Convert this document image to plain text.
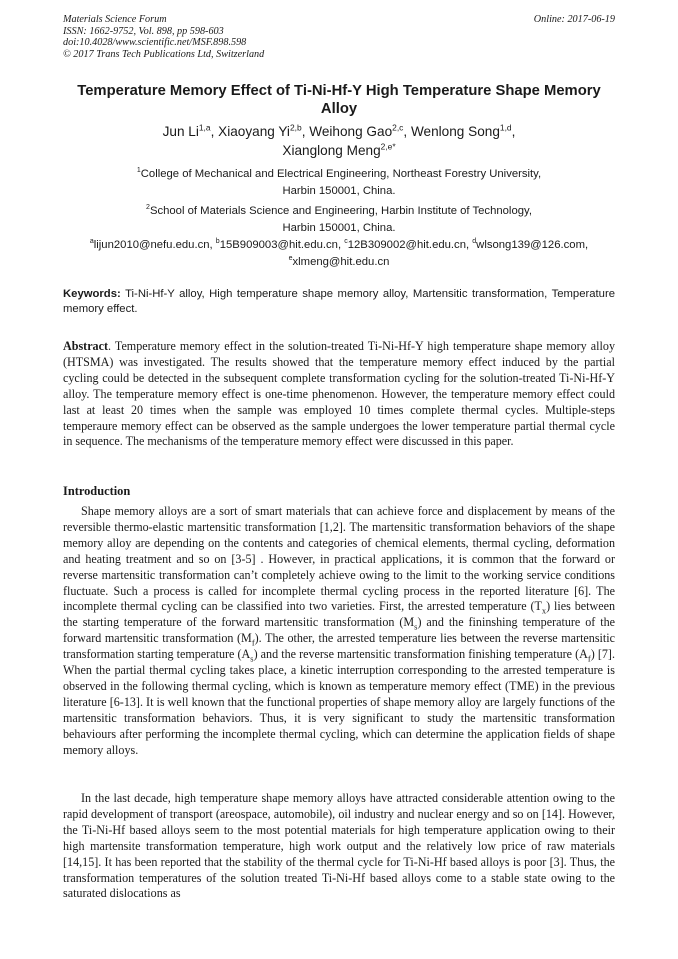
Materials Science Forum
ISSN: 1662-9752, Vol. 898, pp 598-603
doi:10.4028/www.scientific.net/MSF.898.598
© 2017 Trans Tech Publications Ltd, Switzerland
Online: 2017-06-19
Temperature Memory Effect of Ti-Ni-Hf-Y High Temperature Shape Memory Alloy
Jun Li$^{1,a}$, Xiaoyang Yi$^{2,b}$, Weihong Gao$^{2,c}$, Wenlong Song$^{1,d}$,
Xianglong Meng$^{2,e*}$
$^1$College of Mechanical and Electrical Engineering, Northeast Forestry University,
Harbin 150001, China.
$^2$School of Materials Science and Engineering, Harbin Institute of Technology,
Harbin 150001, China.
$^a$lijun2010@nefu.edu.cn, $^b$15B909003@hit.edu.cn, $^c$12B309002@hit.edu.cn, $^d$wlsong139@126.com,
$^e$xlmeng@hit.edu.cn
Keywords: Ti-Ni-Hf-Y alloy, High temperature shape memory alloy, Martensitic transformation, Temperature memory effect.
Abstract. Temperature memory effect in the solution-treated Ti-Ni-Hf-Y high temperature shape memory alloy (HTSMA) was investigated. The results showed that the temperature memory effect induced by the partial cycling could be detected in the subsequent complete transformation cycling for the solution-treated Ti-Ni-Hf-Y alloy. The temperature memory effect is one-time phenomenon. However, the temperature memory effect could last at least 20 times when the sample was employed 10 times complete thermal cycles. Multiple-steps temperaure memory effect can be observed as the sample undergoes the lower temperature partial thermal cycle in sequence. The mechanisms of the temperature memory effect were discussed in this paper.
Introduction
Shape memory alloys are a sort of smart materials that can achieve force and displacement by means of the reversible thermo-elastic martensitic transformation [1,2]. The martensitic transformation behaviors of the shape memory alloy are depending on the contents and categories of chemical elements, thermal cycling, deformation and heating treatment and so on [3-5] . However, in practical applications, it is common that the forward or reverse martensitic transformation can’t completely achieve owing to the limit to the working service conditions fluctuate. Such a process is called for incomplete thermal cycling process in the reported literature [6]. The incomplete thermal cycling can be classified into two varieties. First, the arrested temperature $(T_x)$ lies between the starting temperature of the forward martensitic transformation $(M_s)$ and the fininshing temperature of the forward martensitic transformation $(M_f)$. The other, the arrested temperature lies between the reverse martensitic transformation starting temperature $(A_s)$ and the reverse martensitic transformation finishing temperature $(A_f)$ [7]. When the partial thermal cycling takes place, a kinetic interruption corresponding to the arrested temperature is observed in the following thermal cycling, which is known as temperature memory effect (TME) in the previous literature [6-13]. It is well known that the functional properties of shape memory alloy are largely functions of the martensitic transformation behaviors. Thus, it is very significant to study the martensitic transformation behaviours after performing the incomplete thermal cycling, which can determine the application fields of shape memory alloys.
In the last decade, high temperature shape memory alloys have attracted considerable attention owing to the rapid development of transport (areospace, automobile), oil industry and nuclear energy and so on [14]. However, the Ti-Ni-Hf based alloys seem to the most potential materials for high temperature application owing to their high martensite transformation temperature, high work output and the relatively low price of raw materials [14,15]. It has been reported that the stability of the thermal cycle for Ti-Ni-Hf based alloys is poor [3]. Thus, the transformation temperatures of the solution treated Ti-Ni-Hf based alloys come to a stable state owing to the saturated dislocations as
